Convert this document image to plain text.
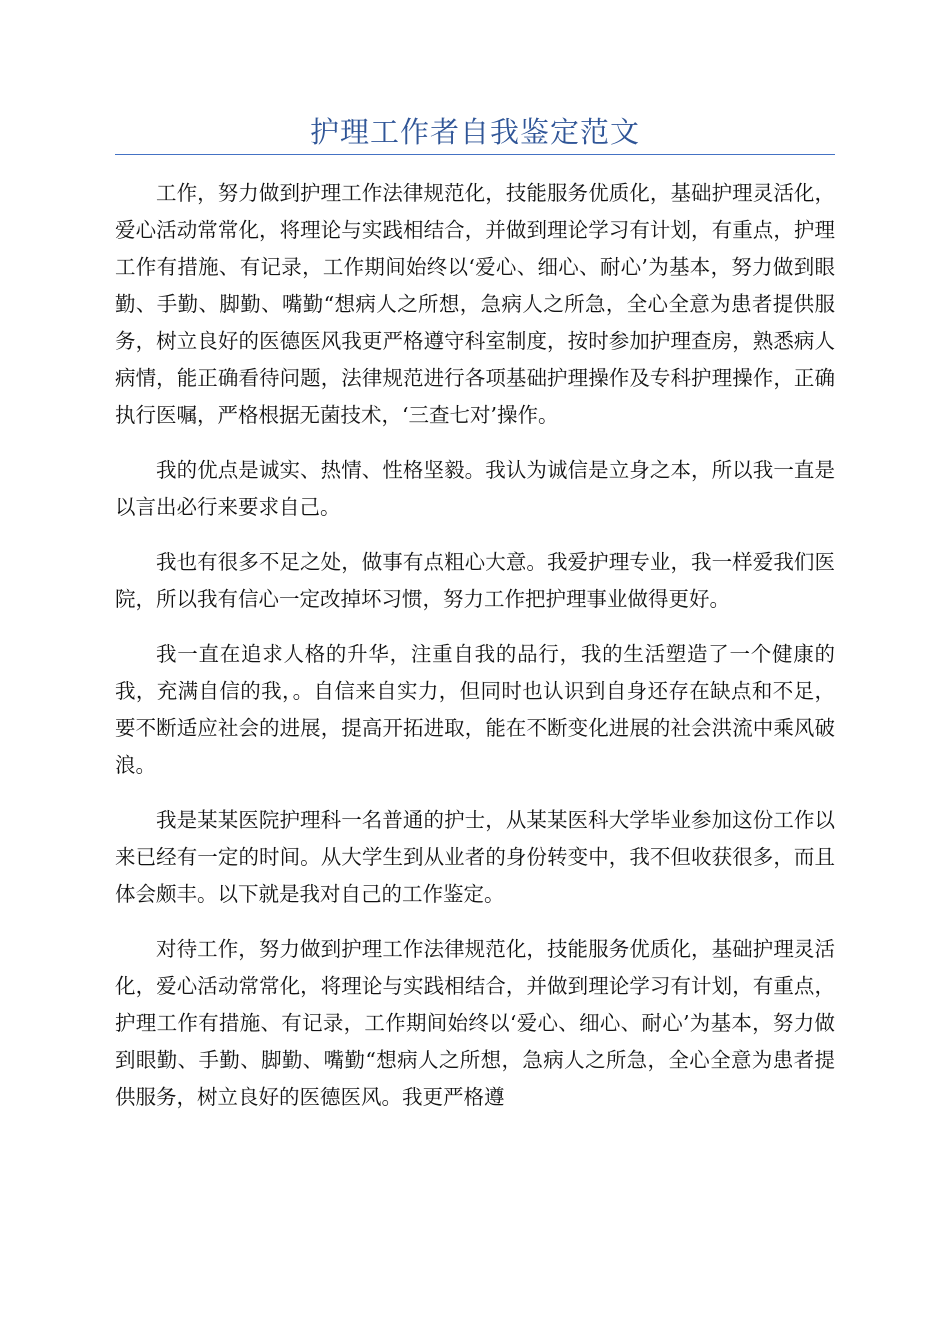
护理工作者自我鉴定范文

工作，努力做到护理工作法律规范化，技能服务优质化，基础护理灵活化，爱心活动常常化，将理论与实践相结合，并做到理论学习有计划，有重点，护理工作有措施、有记录，工作期间始终以‘爱心、细心、耐心’为基本，努力做到眼勤、手勤、脚勤、嘴勤“想病人之所想，急病人之所急，全心全意为患者提供服务，树立良好的医德医风我更严格遵守科室制度，按时参加护理查房，熟悉病人病情，能正确看待问题，法律规范进行各项基础护理操作及专科护理操作，正确执行医嘱，严格根据无菌技术，‘三查七对’操作。

我的优点是诚实、热情、性格坚毅。我认为诚信是立身之本，所以我一直是以言出必行来要求自己。

我也有很多不足之处，做事有点粗心大意。我爱护理专业，我一样爱我们医院，所以我有信心一定改掉坏习惯，努力工作把护理事业做得更好。

我一直在追求人格的升华，注重自我的品行，我的生活塑造了一个健康的我，充满自信的我，。自信来自实力，但同时也认识到自身还存在缺点和不足，要不断适应社会的进展，提高开拓进取，能在不断变化进展的社会洪流中乘风破浪。

我是某某医院护理科一名普通的护士，从某某医科大学毕业参加这份工作以来已经有一定的时间。从大学生到从业者的身份转变中，我不但收获很多，而且体会颇丰。以下就是我对自己的工作鉴定。

对待工作，努力做到护理工作法律规范化，技能服务优质化，基础护理灵活化，爱心活动常常化，将理论与实践相结合，并做到理论学习有计划，有重点，护理工作有措施、有记录，工作期间始终以‘爱心、细心、耐心’为基本，努力做到眼勤、手勤、脚勤、嘴勤“想病人之所想，急病人之所急，全心全意为患者提供服务，树立良好的医德医风。我更严格遵
